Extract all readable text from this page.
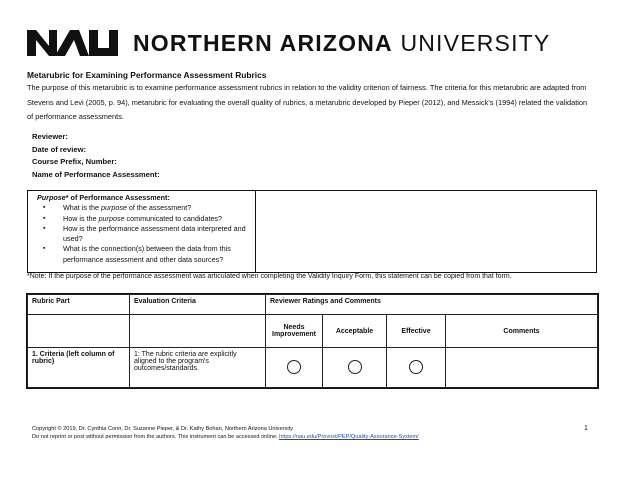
NORTHERN ARIZONA UNIVERSITY
Metarubric for Examining Performance Assessment Rubrics
The purpose of this metarubric is to examine performance assessment rubrics in relation to the validity criterion of fairness. The criteria for this metarubric are adapted from Stevens and Levi (2005, p. 94), metarubric for evaluating the overall quality of rubrics, a metarubric developed by Pieper (2012), and Messick's (1994) related the validation of performance assessments.
Reviewer:
Date of review:
Course Prefix, Number:
Name of Performance Assessment:
Purpose* of Performance Assessment:
▪ What is the purpose of the assessment?
▪ How is the purpose communicated to candidates?
▪ How is the performance assessment data interpreted and used?
▪ What is the connection(s) between the data from this performance assessment and other data sources?
*Note: If the purpose of the performance assessment was articulated when completing the Validity Inquiry Form, this statement can be copied from that form.
Rubric Part	Evaluation Criteria	Reviewer Ratings and Comments			
		Needs Improvement	Acceptable	Effective	Comments
1. Criteria (left column of rubric)	1: The rubric criteria are explicitly aligned to the program's outcomes/standards.				
Copyright © 2019, Dr. Cynthia Conn, Dr. Suzanne Pieper, & Dr. Kathy Bohan, Northern Arizona University
Do not reprint or post without permission from the authors. This instrument can be accessed online: https://nau.edu/Provost/PEP/Quality-Assurance-System/
1
